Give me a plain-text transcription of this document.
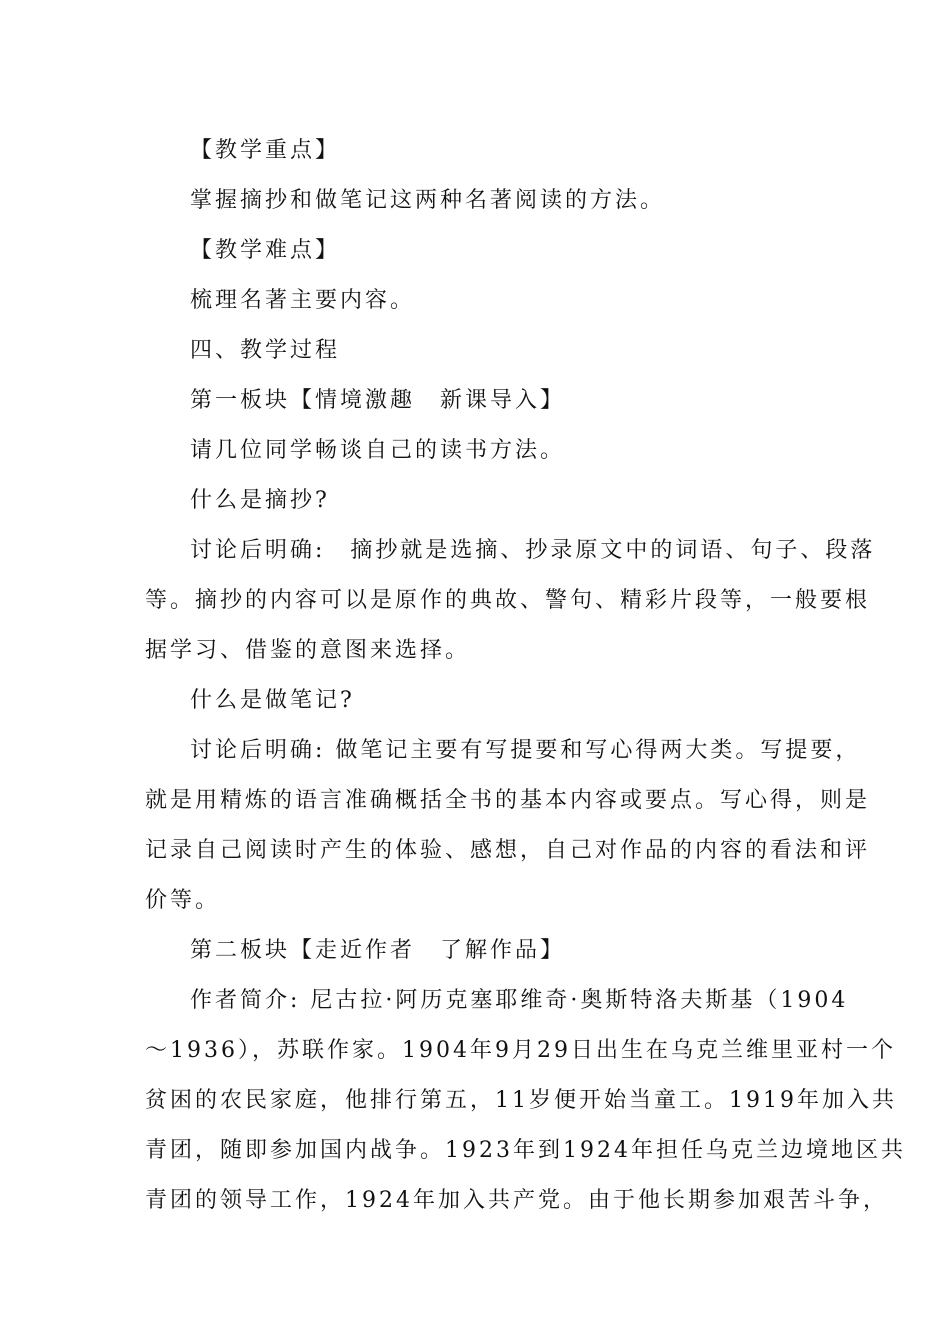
【教学重点】
掌握摘抄和做笔记这两种名著阅读的方法。
【教学难点】
梳理名著主要内容。
四、教学过程
第一板块【情境激趣　新课导入】
请几位同学畅谈自己的读书方法。
什么是摘抄?
讨论后明确:　摘抄就是选摘、抄录原文中的词语、句子、段落
等。摘抄的内容可以是原作的典故、警句、精彩片段等，一般要根
据学习、借鉴的意图来选择。
什么是做笔记?
讨论后明确: 做笔记主要有写提要和写心得两大类。写提要，
就是用精炼的语言准确概括全书的基本内容或要点。写心得，则是
记录自己阅读时产生的体验、感想，自己对作品的内容的看法和评
价等。
第二板块【走近作者　了解作品】
作者简介: 尼古拉·阿历克塞耶维奇·奥斯特洛夫斯基（1904
～1936），苏联作家。1904年9月29日出生在乌克兰维里亚村一个
贫困的农民家庭，他排行第五，11岁便开始当童工。1919年加入共
青团，随即参加国内战争。1923年到1924年担任乌克兰边境地区共
青团的领导工作，1924年加入共产党。由于他长期参加艰苦斗争，
